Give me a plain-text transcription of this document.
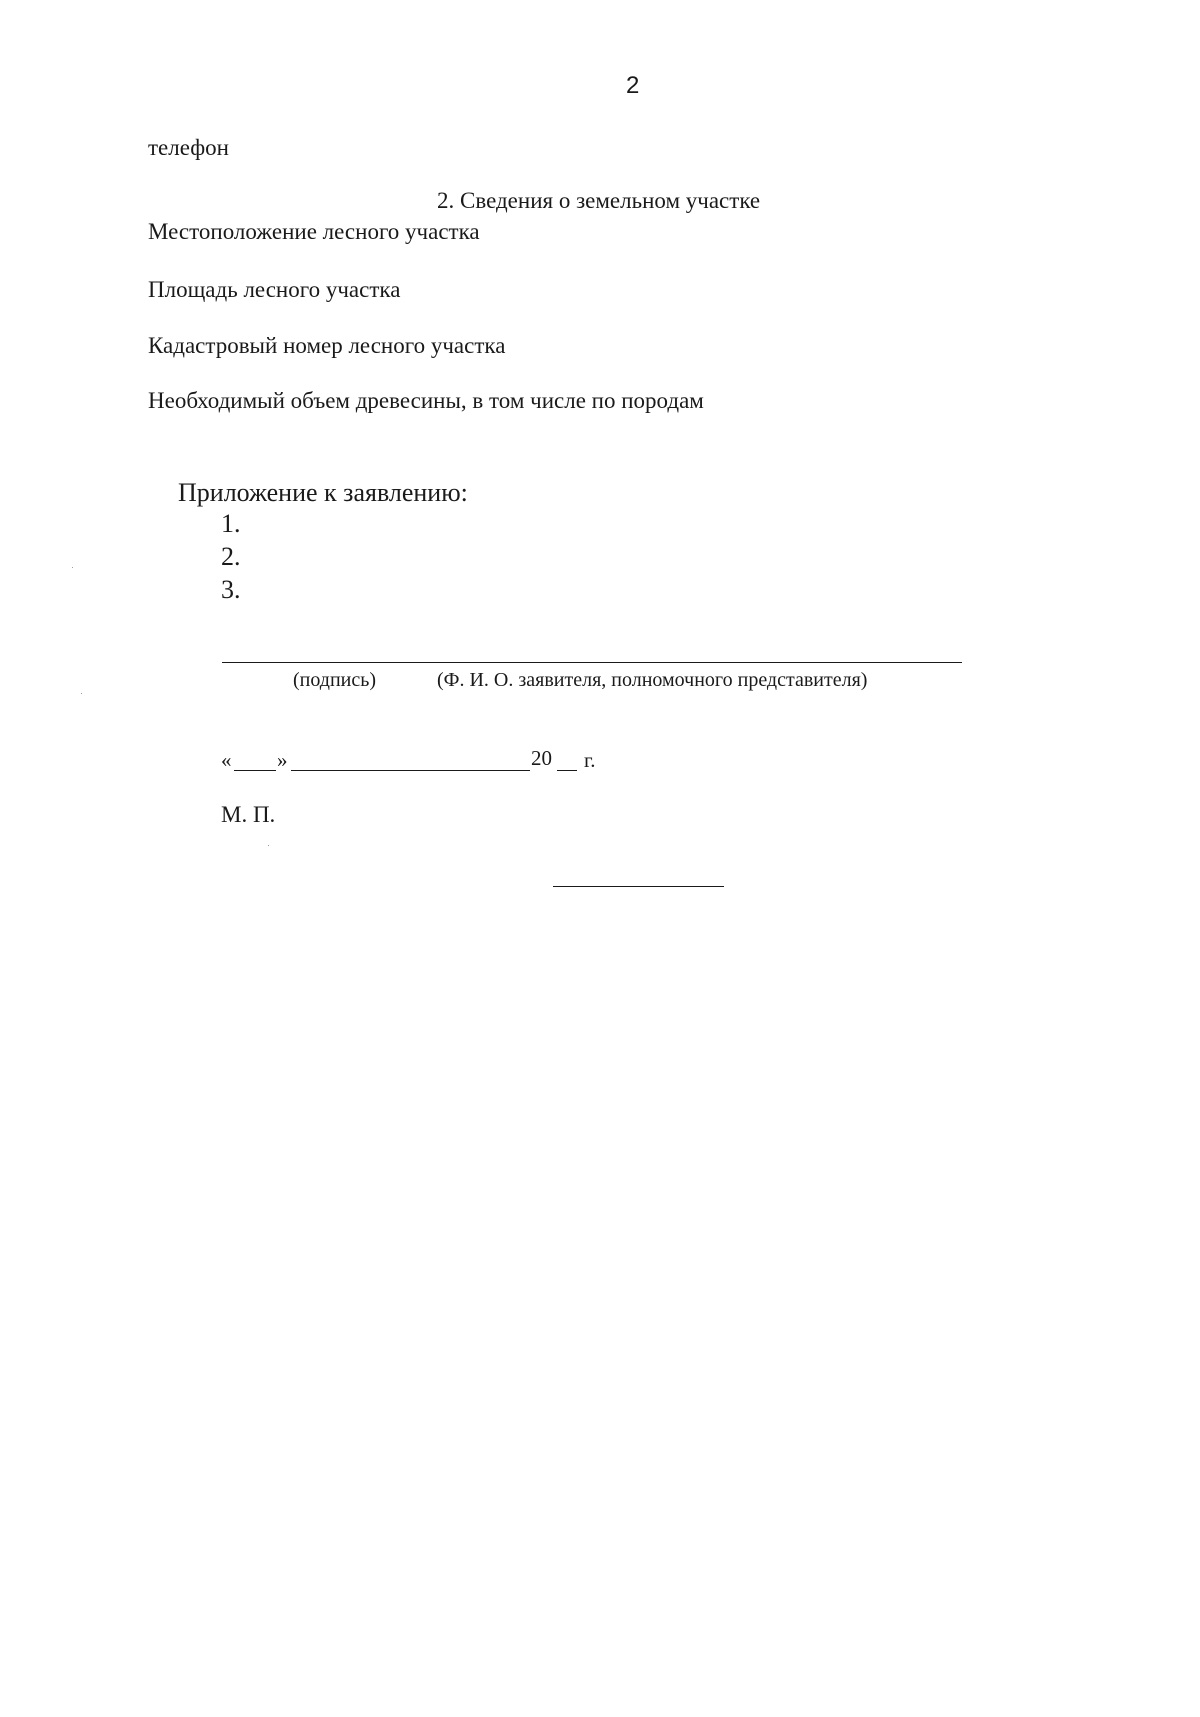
2
телефон
2. Сведения о земельном участке
Местоположение лесного участка
Площадь лесного участка
Кадастровый номер лесного участка
Необходимый объем древесины, в том числе по породам
Приложение к заявлению:
1.
2.
3.
(подпись)	(Ф. И. О. заявителя, полномочного представителя)
« »	20 г.
М. П.
